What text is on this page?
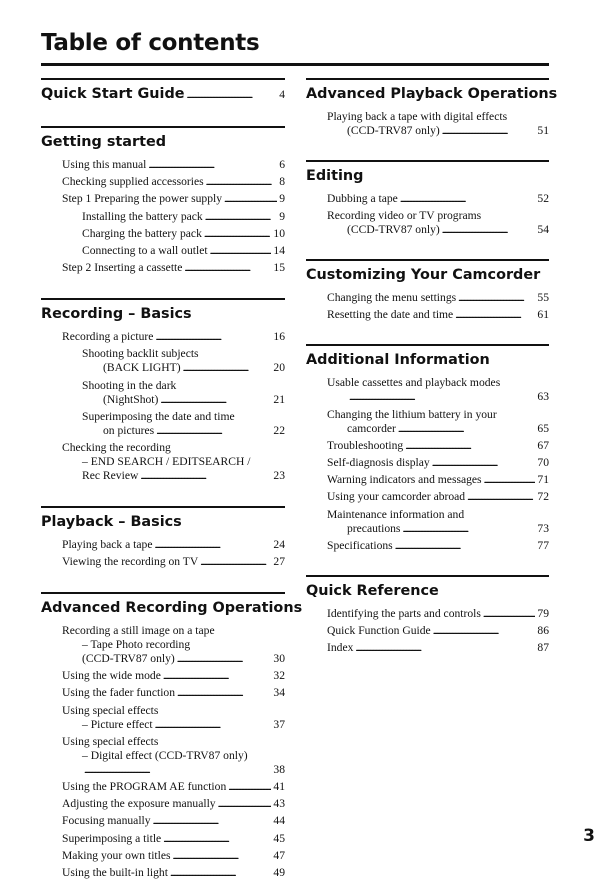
Table of contents
Quick Start Guide . . .	4
Getting started
Using this manual . . .	6
Checking supplied accessories . . .	8
Step 1 Preparing the power supply . . .	9
Installing the battery pack . . .	9
Charging the battery pack . . .	10
Connecting to a wall outlet . . .	14
Step 2 Inserting a cassette . . .	15
Recording – Basics
Recording a picture . . .	16
Shooting backlit subjects
(BACK LIGHT) . . .	20
Shooting in the dark
(NightShot) . . .	21
Superimposing the date and time
on pictures . . .	22
Checking the recording
– END SEARCH / EDITSEARCH /
Rec Review . . .	23
Playback – Basics
Playing back a tape . . .	24
Viewing the recording on TV . . .	27
Advanced Recording Operations
Recording a still image on a tape
– Tape Photo recording
(CCD-TRV87 only) . . .	30
Using the wide mode . . .	32
Using the fader function . . .	34
Using special effects
– Picture effect . . .	37
Using special effects
– Digital effect (CCD-TRV87 only)
. . .
38
Using the PROGRAM AE function . . .	41
Adjusting the exposure manually . . .	43
Focusing manually . . .	44
Superimposing a title . . .	45
Making your own titles . . .	47
Using the built-in light . . .	49
Advanced Playback Operations
Playing back a tape with digital effects
(CCD-TRV87 only) . . .	51
Editing
Dubbing a tape . . .	52
Recording video or TV programs
(CCD-TRV87 only) . . .	54
Customizing Your Camcorder
Changing the menu settings . . .	55
Resetting the date and time . . .	61
Additional Information
Usable cassettes and playback modes
. . .
63
Changing the lithium battery in your
camcorder . . .	65
Troubleshooting . . .	67
Self-diagnosis display . . .	70
Warning indicators and messages . . .	71
Using your camcorder abroad . . .	72
Maintenance information and
precautions . . .	73
Specifications . . .	77
Quick Reference
Identifying the parts and controls . . .	79
Quick Function Guide . . .	86
Index . . .	87
3
